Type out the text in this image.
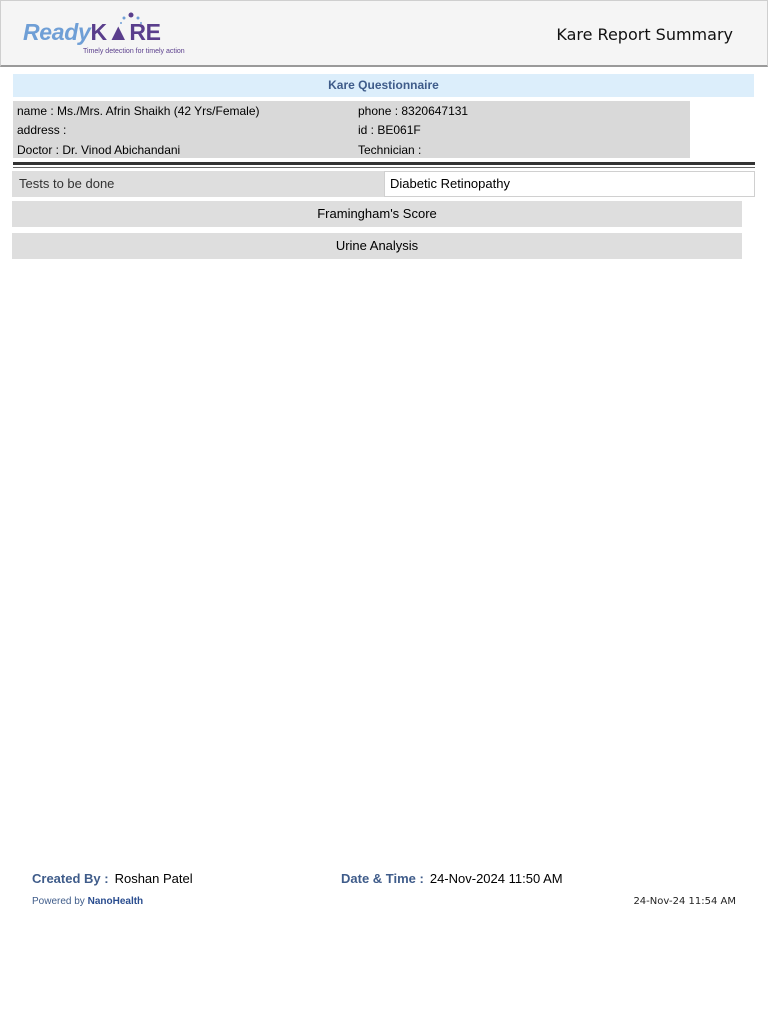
ReadyK▲RE
Timely detection for timely action
Kare Report Summary
Kare Questionnaire
name : Ms./Mrs. Afrin Shaikh (42 Yrs/Female)	phone : 8320647131
address :	id : BE061F
Doctor : Dr. Vinod Abichandani	Technician :
Tests to be done	Diabetic Retinopathy
Framingham's Score
Urine Analysis
Created By : Roshan Patel	Date & Time : 24-Nov-2024 11:50 AM
Powered by NanoHealth	24-Nov-24 11:54 AM
